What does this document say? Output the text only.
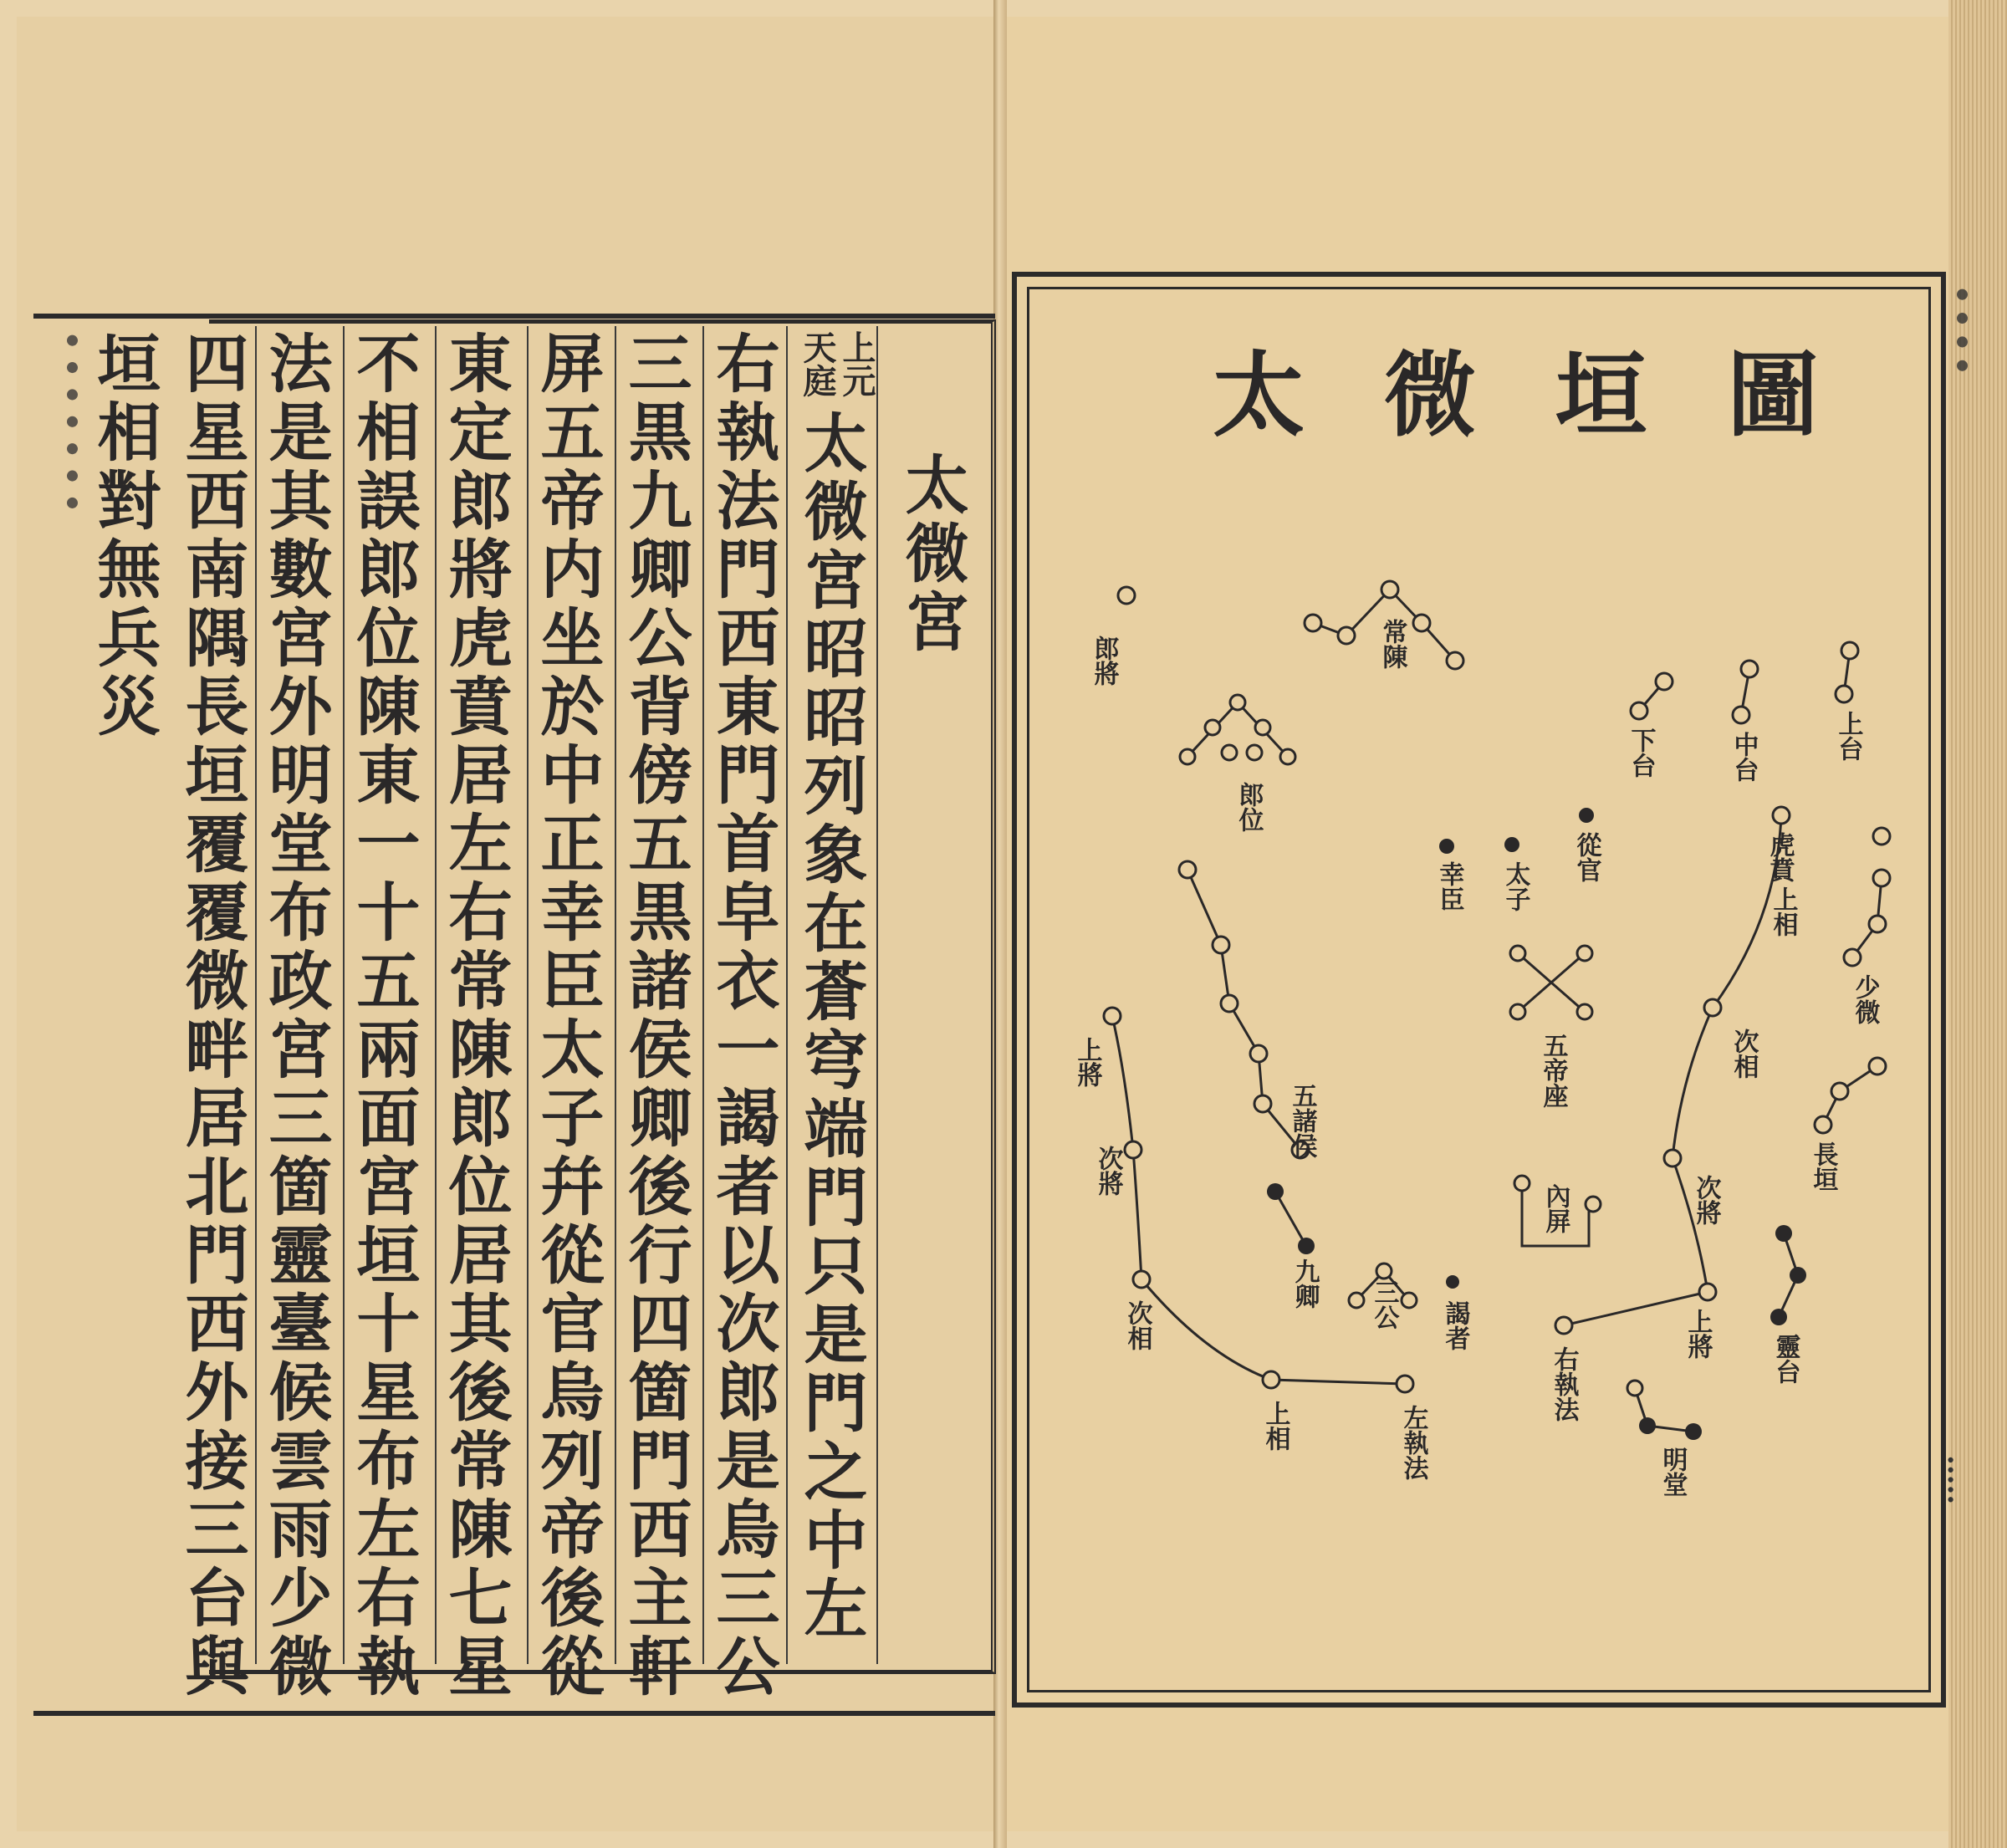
·······
太微宮
上元
天庭
太微宮昭昭列象在蒼穹端門只是門之中左
右執法門西東門首皁衣一謁者以次郎是烏三公
三黒九卿公背傍五黒諸侯卿後行四箇門西主軒
屏五帝内坐於中正幸臣太子幷從官烏列帝後從
東定郎將虎賁居左右常陳郎位居其後常陳七星
不相誤郎位陳東一十五兩面宮垣十星布左右執
法是其數宮外明堂布政宮三箇靈臺候雲雨少微
四星西南隅長垣覆覆微畔居北門西外接三台與
垣相對無兵災	太微垣圖
····
·····
郎將	常陳
郎位
幸臣 太子
從官
下台	中台	上台
虎賁
上相
少微
五帝座
五諸侯
次相
長垣
上將
次將
內屏	次將
九卿 三公 謁者	上將 靈台
次相
右執法
明堂
上相	左執法
